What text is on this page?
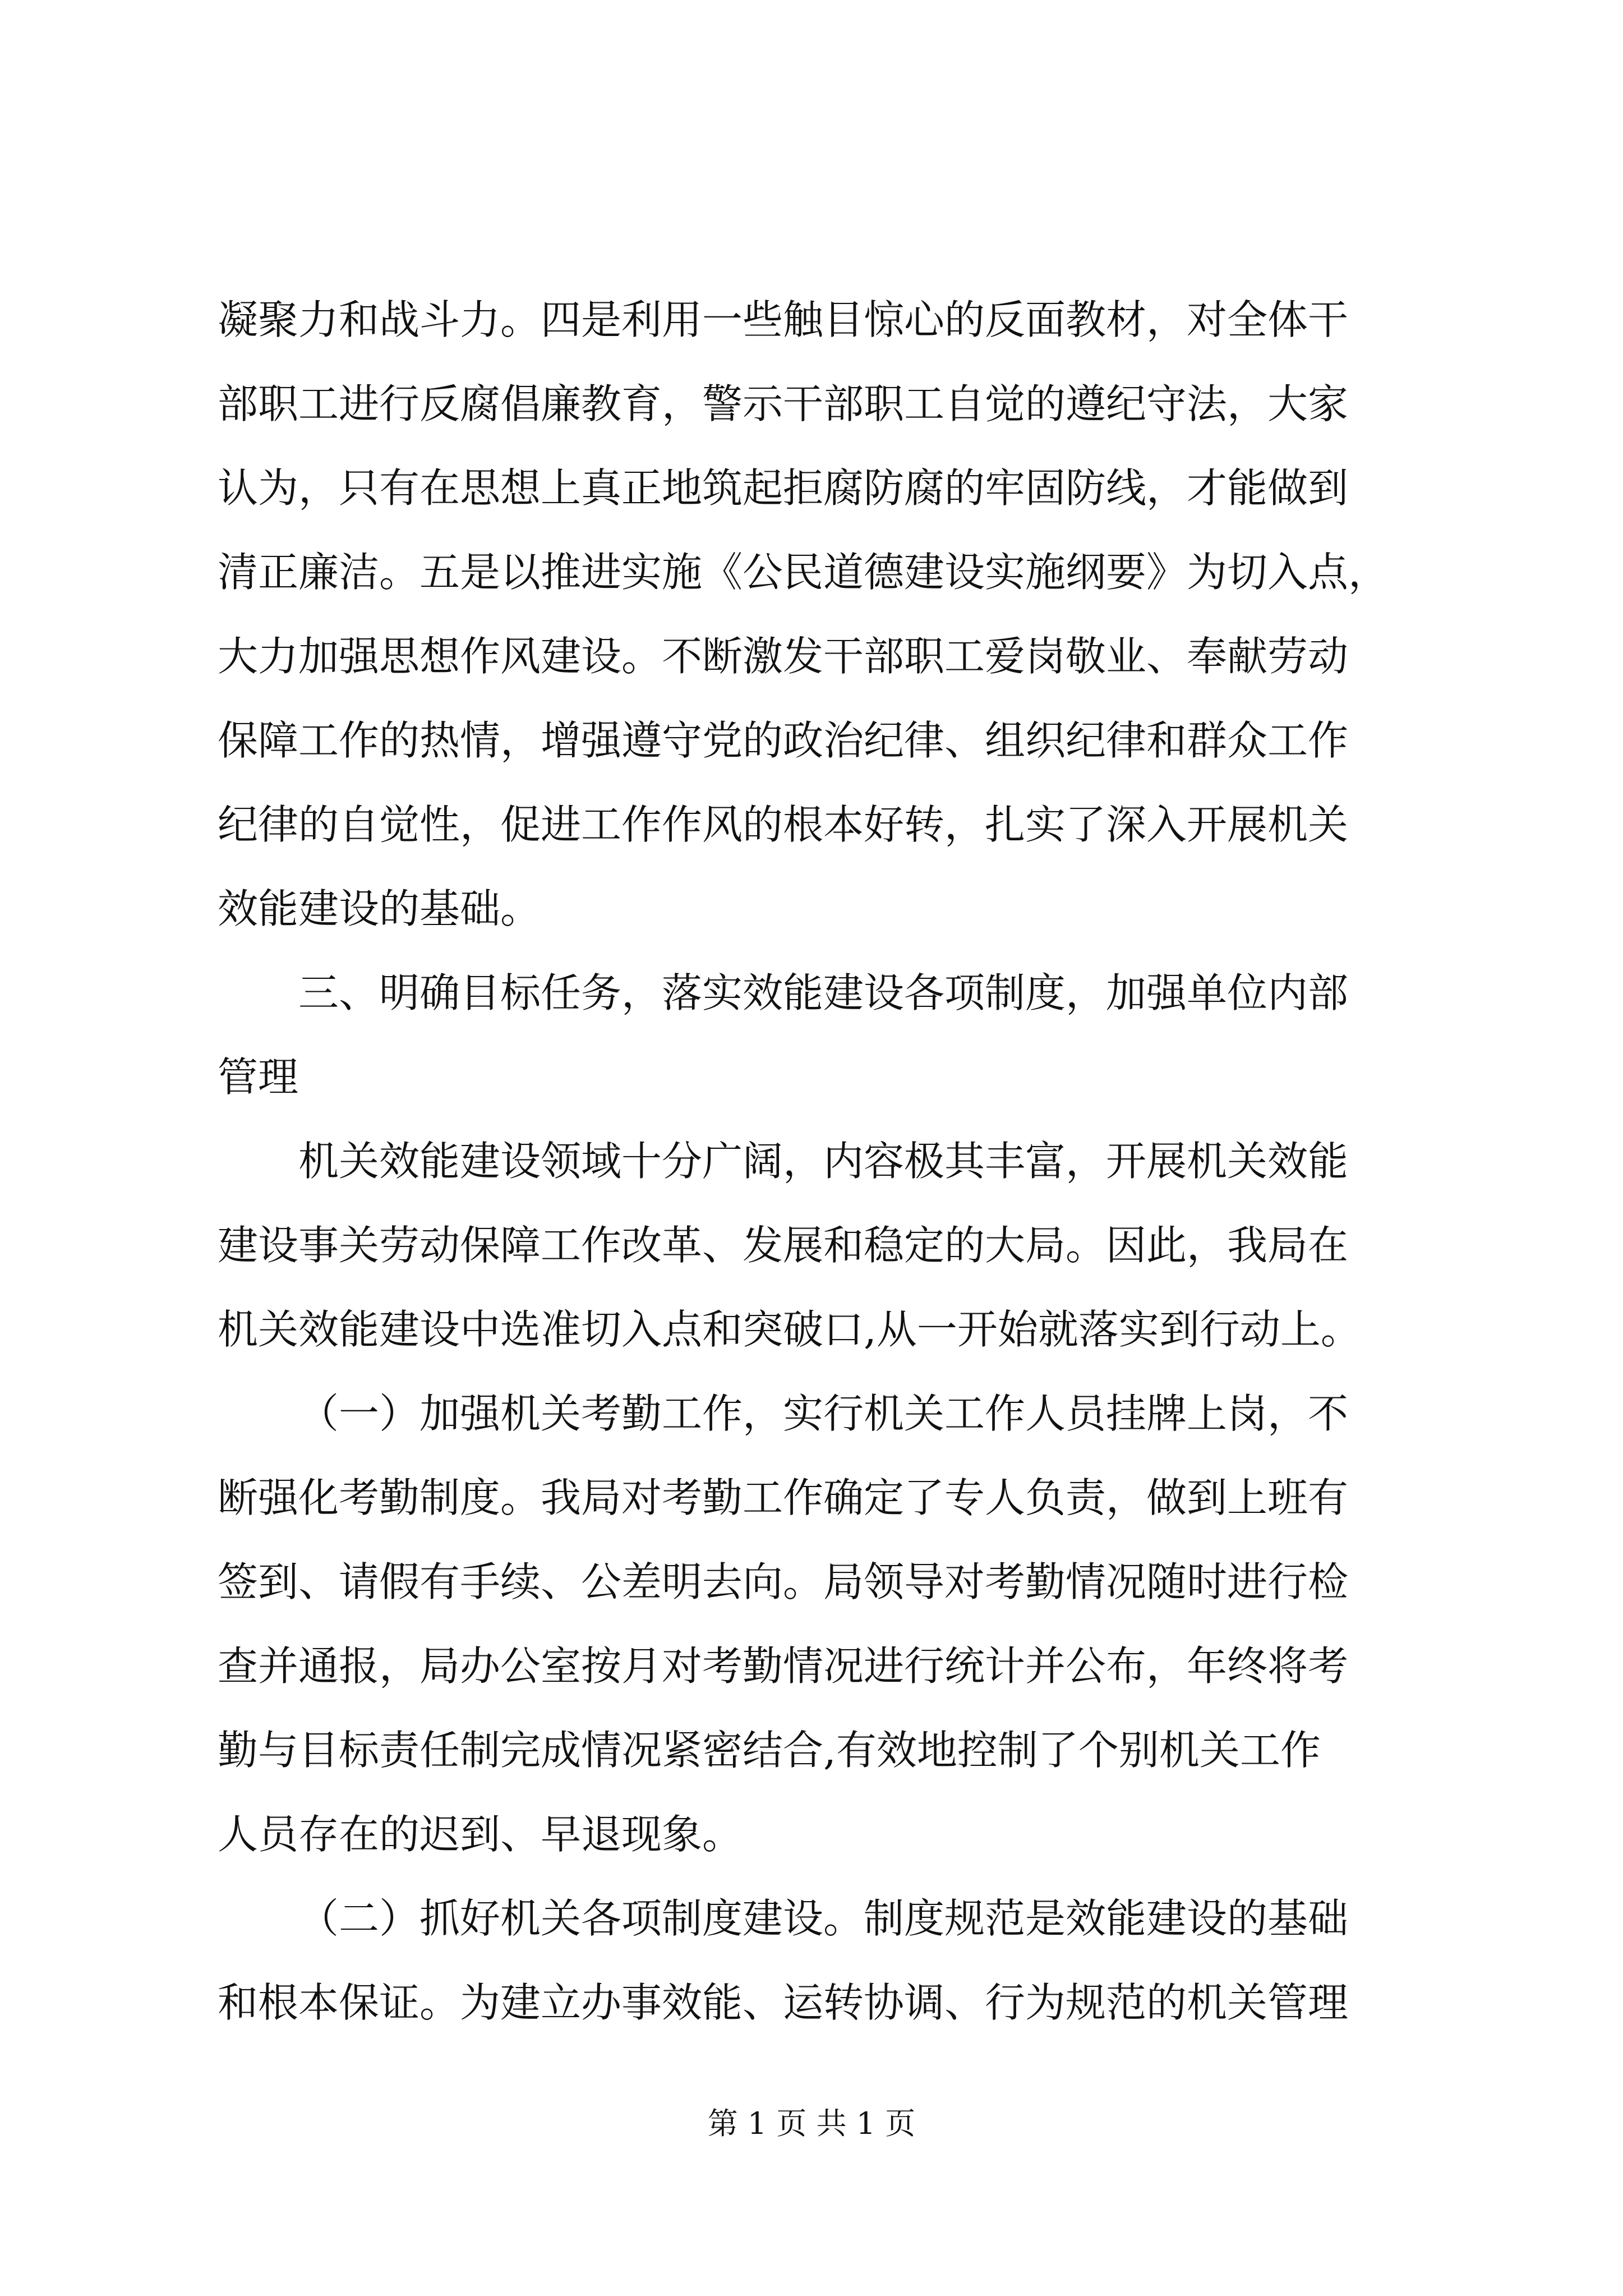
凝聚力和战斗力。四是利用一些触目惊心的反面教材，对全体干
部职工进行反腐倡廉教育，警示干部职工自觉的遵纪守法，大家
认为，只有在思想上真正地筑起拒腐防腐的牢固防线，才能做到
清正廉洁。五是以推进实施《公民道德建设实施纲要》为切入点，
大力加强思想作风建设。不断激发干部职工爱岗敬业、奉献劳动
保障工作的热情，增强遵守党的政治纪律、组织纪律和群众工作
纪律的自觉性，促进工作作风的根本好转，扎实了深入开展机关
效能建设的基础。
三、明确目标任务，落实效能建设各项制度，加强单位内部
管理
机关效能建设领域十分广阔，内容极其丰富，开展机关效能
建设事关劳动保障工作改革、发展和稳定的大局。因此，我局在
机关效能建设中选准切入点和突破口,从一开始就落实到行动上。
（一）加强机关考勤工作，实行机关工作人员挂牌上岗，不
断强化考勤制度。我局对考勤工作确定了专人负责，做到上班有
签到、请假有手续、公差明去向。局领导对考勤情况随时进行检
查并通报，局办公室按月对考勤情况进行统计并公布，年终将考
勤与目标责任制完成情况紧密结合,有效地控制了个别机关工作
人员存在的迟到、早退现象。
（二）抓好机关各项制度建设。制度规范是效能建设的基础
和根本保证。为建立办事效能、运转协调、行为规范的机关管理
第 1 页 共 1 页
